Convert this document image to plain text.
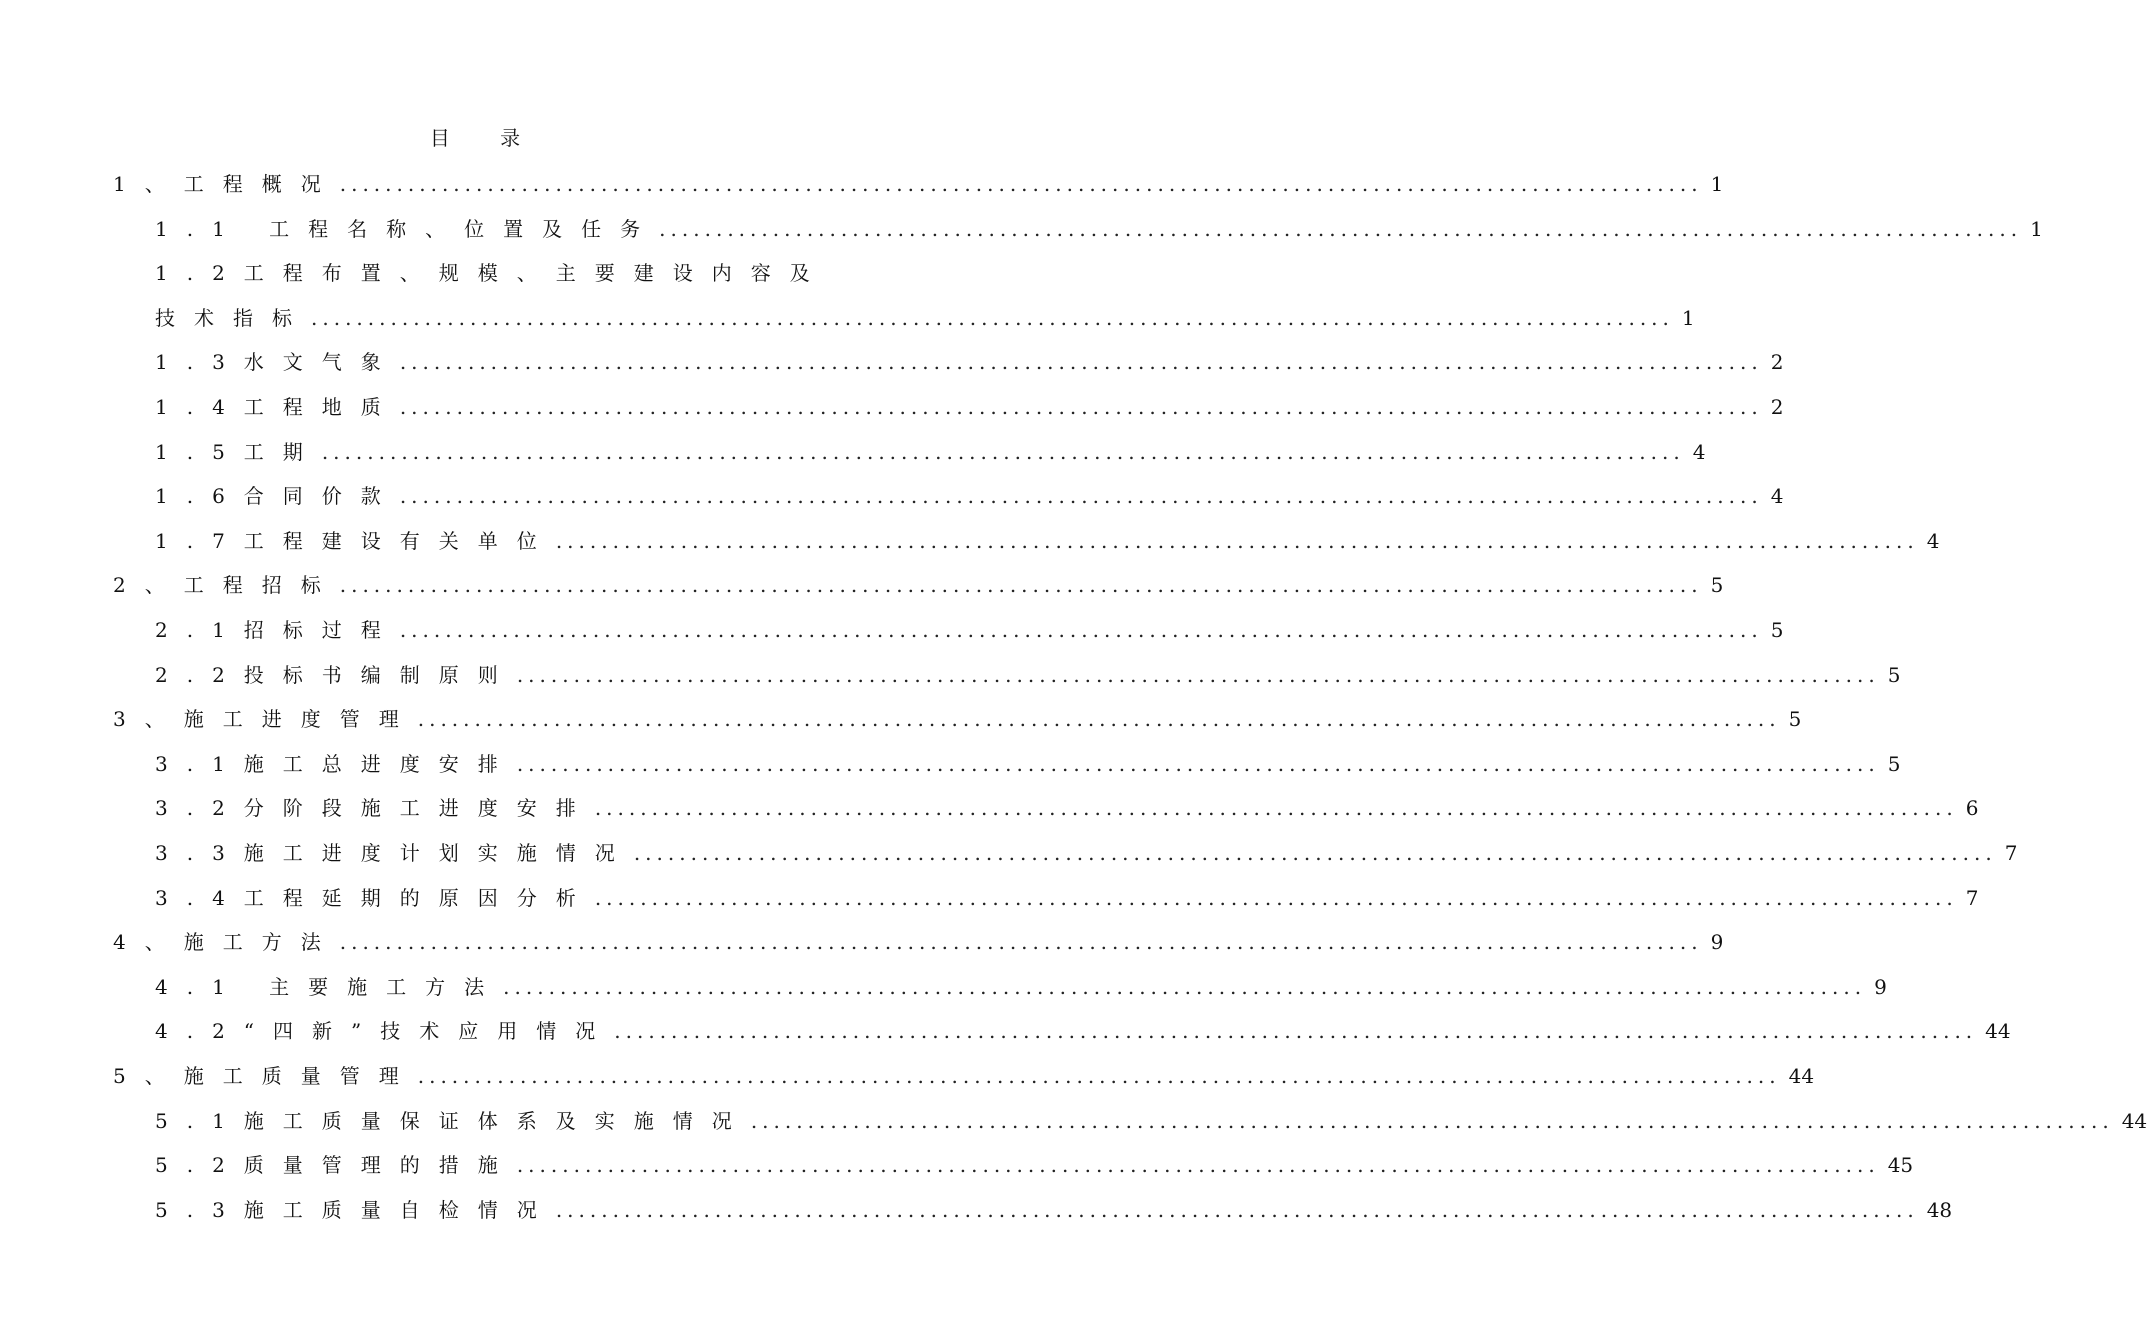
目 录
1、工程概况 ........................................................................................................................ 1
1.1 工程名称、位置及任务 ........................................................................................................................ 1
1.2工程布置、规模、主要建设内容及
技术指标 ........................................................................................................................ 1
1.3水文气象 ........................................................................................................................ 2
1.4工程地质 ........................................................................................................................ 2
1.5工期 ........................................................................................................................ 4
1.6合同价款 ........................................................................................................................ 4
1.7工程建设有关单位 ........................................................................................................................ 4
2、工程招标 ........................................................................................................................ 5
2.1招标过程 ........................................................................................................................ 5
2.2投标书编制原则 ........................................................................................................................ 5
3、施工进度管理 ........................................................................................................................ 5
3.1施工总进度安排 ........................................................................................................................ 5
3.2分阶段施工进度安排 ........................................................................................................................ 6
3.3施工进度计划实施情况 ........................................................................................................................ 7
3.4工程延期的原因分析 ........................................................................................................................ 7
4、施工方法 ........................................................................................................................ 9
4.1 主要施工方法 ........................................................................................................................ 9
4.2“四新”技术应用情况 ........................................................................................................................ 44
5、施工质量管理 ........................................................................................................................ 44
5.1施工质量保证体系及实施情况 ........................................................................................................................ 44
5.2质量管理的措施 ........................................................................................................................ 45
5.3施工质量自检情况 ........................................................................................................................ 48
